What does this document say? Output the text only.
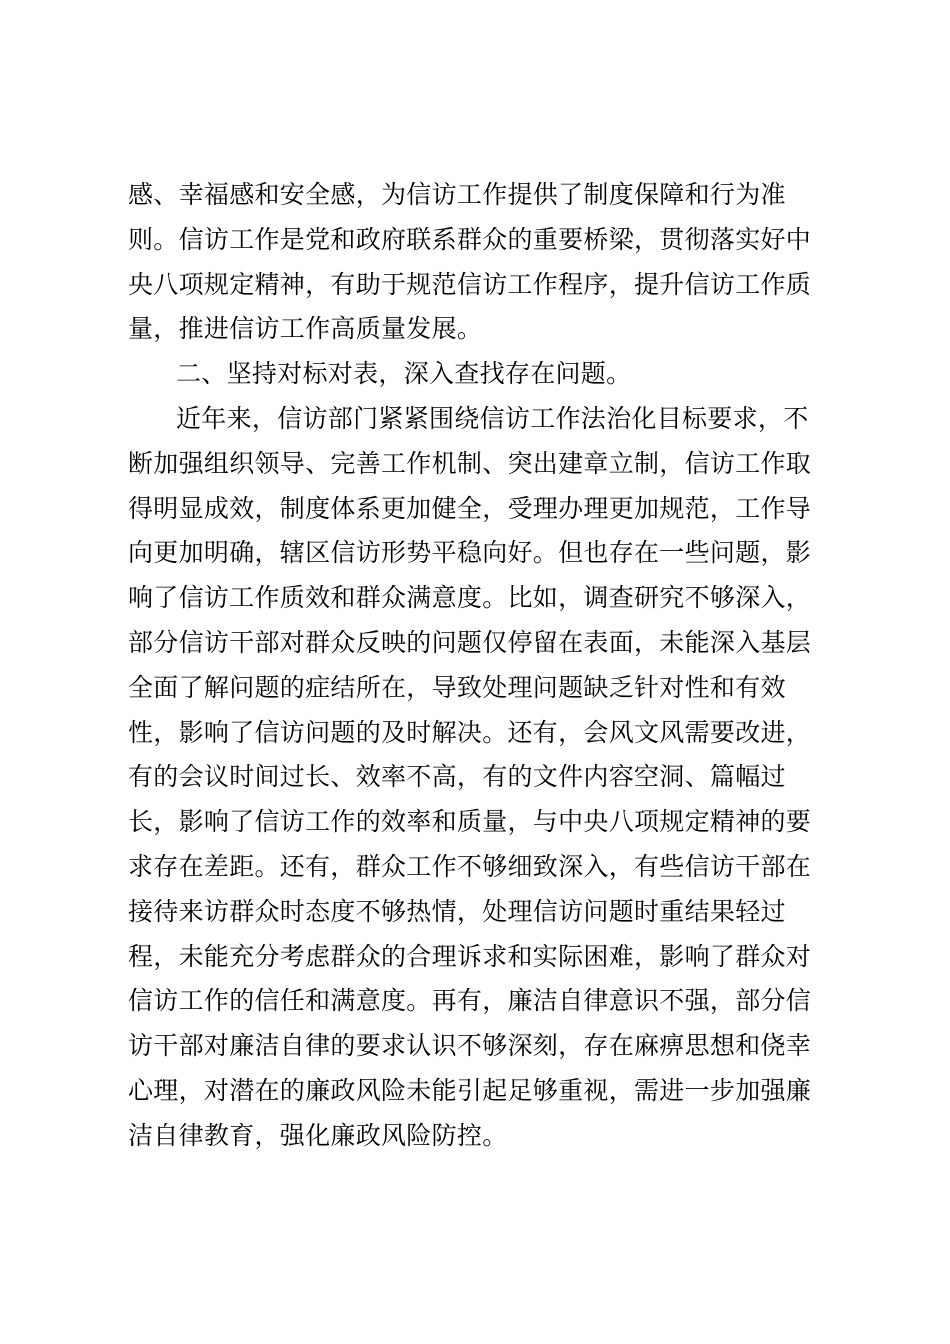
感、幸福感和安全感，为信访工作提供了制度保障和行为准
则。信访工作是党和政府联系群众的重要桥梁，贯彻落实好中
央八项规定精神，有助于规范信访工作程序，提升信访工作质
量，推进信访工作高质量发展。
二、坚持对标对表，深入查找存在问题。
近年来，信访部门紧紧围绕信访工作法治化目标要求，不
断加强组织领导、完善工作机制、突出建章立制，信访工作取
得明显成效，制度体系更加健全，受理办理更加规范，工作导
向更加明确，辖区信访形势平稳向好。但也存在一些问题，影
响了信访工作质效和群众满意度。比如，调查研究不够深入，
部分信访干部对群众反映的问题仅停留在表面，未能深入基层
全面了解问题的症结所在，导致处理问题缺乏针对性和有效
性，影响了信访问题的及时解决。还有，会风文风需要改进，
有的会议时间过长、效率不高，有的文件内容空洞、篇幅过
长，影响了信访工作的效率和质量，与中央八项规定精神的要
求存在差距。还有，群众工作不够细致深入，有些信访干部在
接待来访群众时态度不够热情，处理信访问题时重结果轻过
程，未能充分考虑群众的合理诉求和实际困难，影响了群众对
信访工作的信任和满意度。再有，廉洁自律意识不强，部分信
访干部对廉洁自律的要求认识不够深刻，存在麻痹思想和侥幸
心理，对潜在的廉政风险未能引起足够重视，需进一步加强廉
洁自律教育，强化廉政风险防控。
